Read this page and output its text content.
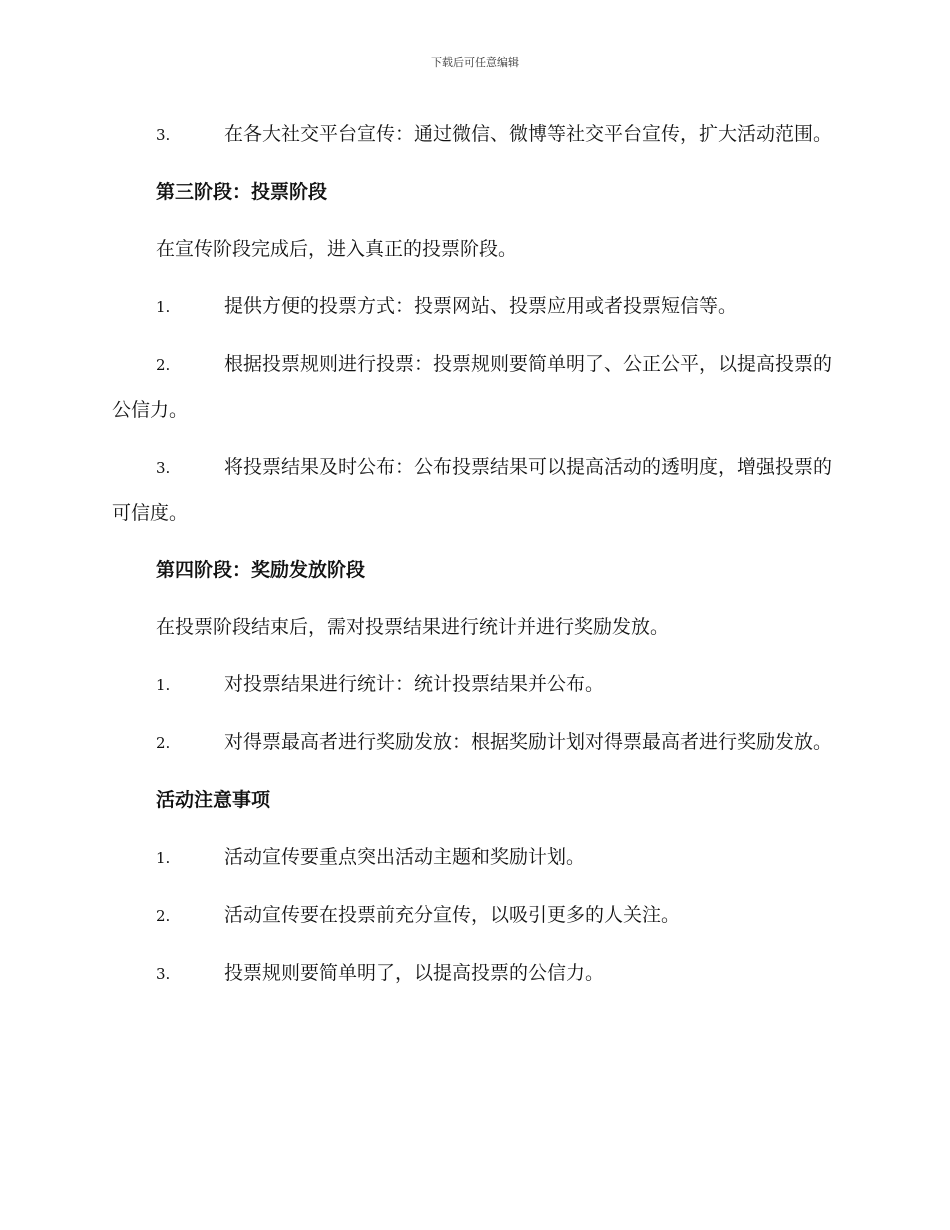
下载后可任意编辑
3.	在各大社交平台宣传：通过微信、微博等社交平台宣传，扩大活动范围。
第三阶段：投票阶段
在宣传阶段完成后，进入真正的投票阶段。
1.	提供方便的投票方式：投票网站、投票应用或者投票短信等。
2.	根据投票规则进行投票：投票规则要简单明了、公正公平，以提高投票的公信力。
3.	将投票结果及时公布：公布投票结果可以提高活动的透明度，增强投票的可信度。
第四阶段：奖励发放阶段
在投票阶段结束后，需对投票结果进行统计并进行奖励发放。
1.	对投票结果进行统计：统计投票结果并公布。
2.	对得票最高者进行奖励发放：根据奖励计划对得票最高者进行奖励发放。
活动注意事项
1.	活动宣传要重点突出活动主题和奖励计划。
2.	活动宣传要在投票前充分宣传，以吸引更多的人关注。
3.	投票规则要简单明了，以提高投票的公信力。
